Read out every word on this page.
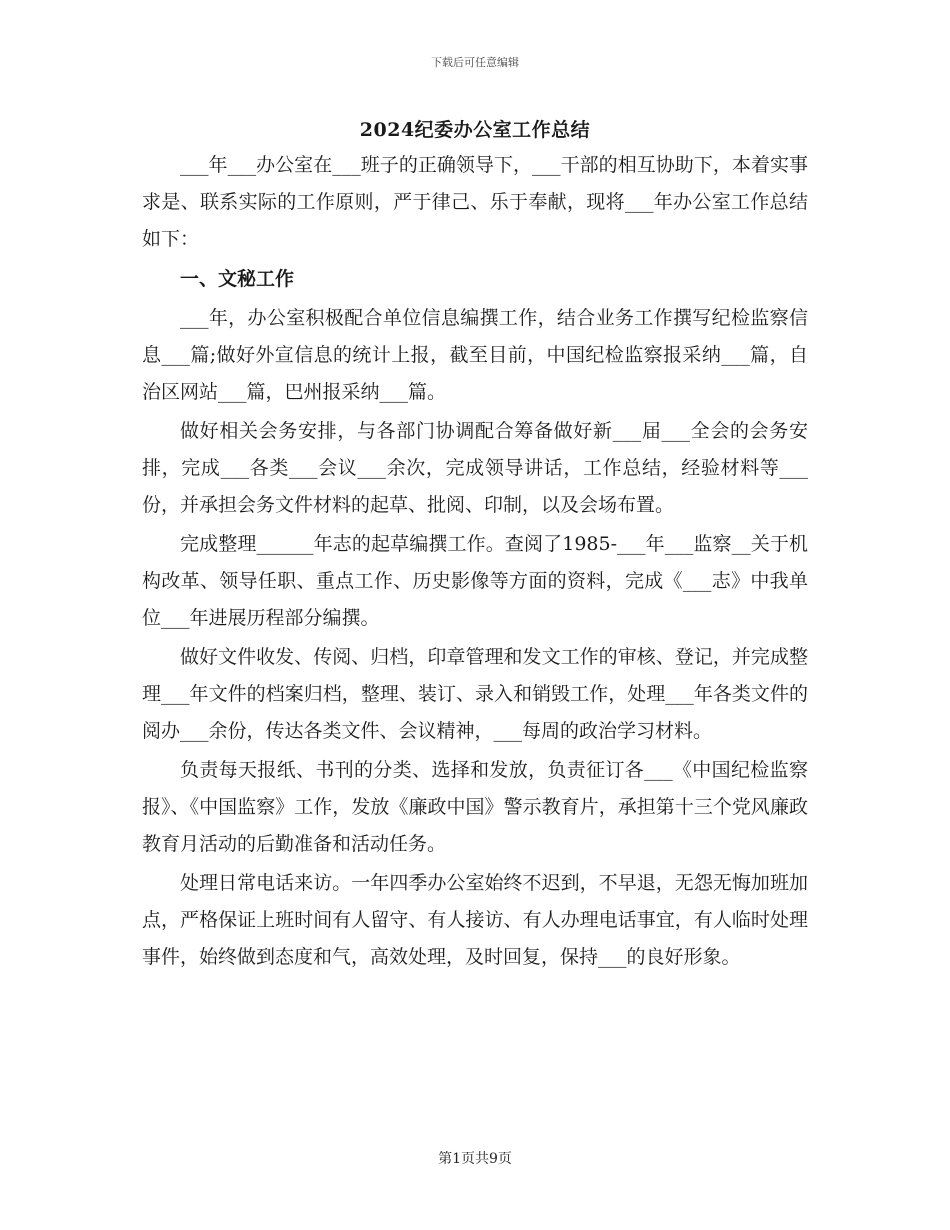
下载后可任意编辑
2024纪委办公室工作总结

___年___办公室在___班子的正确领导下，___干部的相互协助下，本着实事求是、联系实际的工作原则，严于律己、乐于奉献，现将___年办公室工作总结如下：

一、文秘工作

___年，办公室积极配合单位信息编撰工作，结合业务工作撰写纪检监察信息___篇;做好外宣信息的统计上报，截至目前，中国纪检监察报采纳___篇，自治区网站___篇，巴州报采纳___篇。

做好相关会务安排，与各部门协调配合筹备做好新___届___全会的会务安排，完成___各类___会议___余次，完成领导讲话，工作总结，经验材料等___份，并承担会务文件材料的起草、批阅、印制，以及会场布置。

完成整理______年志的起草编撰工作。查阅了1985-___年___监察__关于机构改革、领导任职、重点工作、历史影像等方面的资料，完成《___志》中我单位___年进展历程部分编撰。

做好文件收发、传阅、归档，印章管理和发文工作的审核、登记，并完成整理___年文件的档案归档，整理、装订、录入和销毁工作，处理___年各类文件的阅办___余份，传达各类文件、会议精神，___每周的政治学习材料。

负责每天报纸、书刊的分类、选择和发放，负责征订各___《中国纪检监察报》、《中国监察》工作，发放《廉政中国》警示教育片，承担第十三个党风廉政教育月活动的后勤准备和活动任务。

处理日常电话来访。一年四季办公室始终不迟到，不早退，无怨无悔加班加点，严格保证上班时间有人留守、有人接访、有人办理电话事宜，有人临时处理事件，始终做到态度和气，高效处理，及时回复，保持___的良好形象。

第1页共9页
